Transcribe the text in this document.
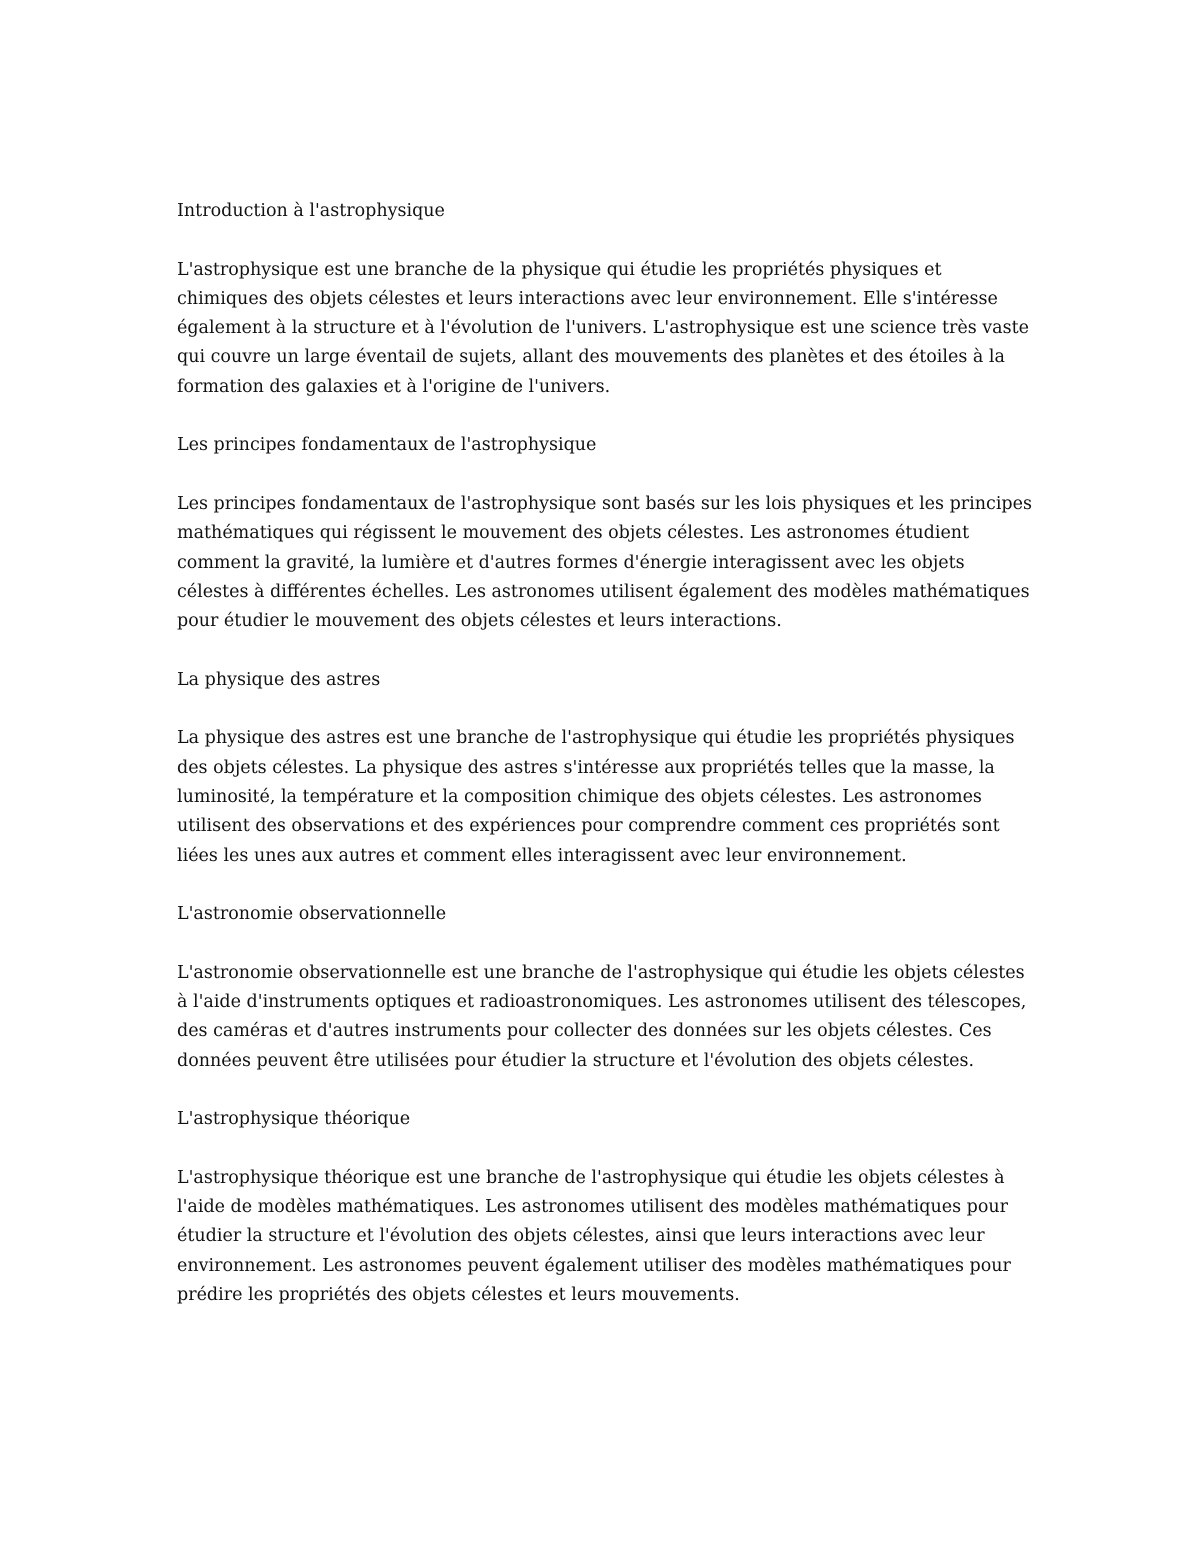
Introduction à l'astrophysique

L'astrophysique est une branche de la physique qui étudie les propriétés physiques et chimiques des objets célestes et leurs interactions avec leur environnement. Elle s'intéresse également à la structure et à l'évolution de l'univers. L'astrophysique est une science très vaste qui couvre un large éventail de sujets, allant des mouvements des planètes et des étoiles à la formation des galaxies et à l'origine de l'univers.

Les principes fondamentaux de l'astrophysique

Les principes fondamentaux de l'astrophysique sont basés sur les lois physiques et les principes mathématiques qui régissent le mouvement des objets célestes. Les astronomes étudient comment la gravité, la lumière et d'autres formes d'énergie interagissent avec les objets célestes à différentes échelles. Les astronomes utilisent également des modèles mathématiques pour étudier le mouvement des objets célestes et leurs interactions.

La physique des astres

La physique des astres est une branche de l'astrophysique qui étudie les propriétés physiques des objets célestes. La physique des astres s'intéresse aux propriétés telles que la masse, la luminosité, la température et la composition chimique des objets célestes. Les astronomes utilisent des observations et des expériences pour comprendre comment ces propriétés sont liées les unes aux autres et comment elles interagissent avec leur environnement.

L'astronomie observationnelle

L'astronomie observationnelle est une branche de l'astrophysique qui étudie les objets célestes à l'aide d'instruments optiques et radioastronomiques. Les astronomes utilisent des télescopes, des caméras et d'autres instruments pour collecter des données sur les objets célestes. Ces données peuvent être utilisées pour étudier la structure et l'évolution des objets célestes.

L'astrophysique théorique

L'astrophysique théorique est une branche de l'astrophysique qui étudie les objets célestes à l'aide de modèles mathématiques. Les astronomes utilisent des modèles mathématiques pour étudier la structure et l'évolution des objets célestes, ainsi que leurs interactions avec leur environnement. Les astronomes peuvent également utiliser des modèles mathématiques pour prédire les propriétés des objets célestes et leurs mouvements.
